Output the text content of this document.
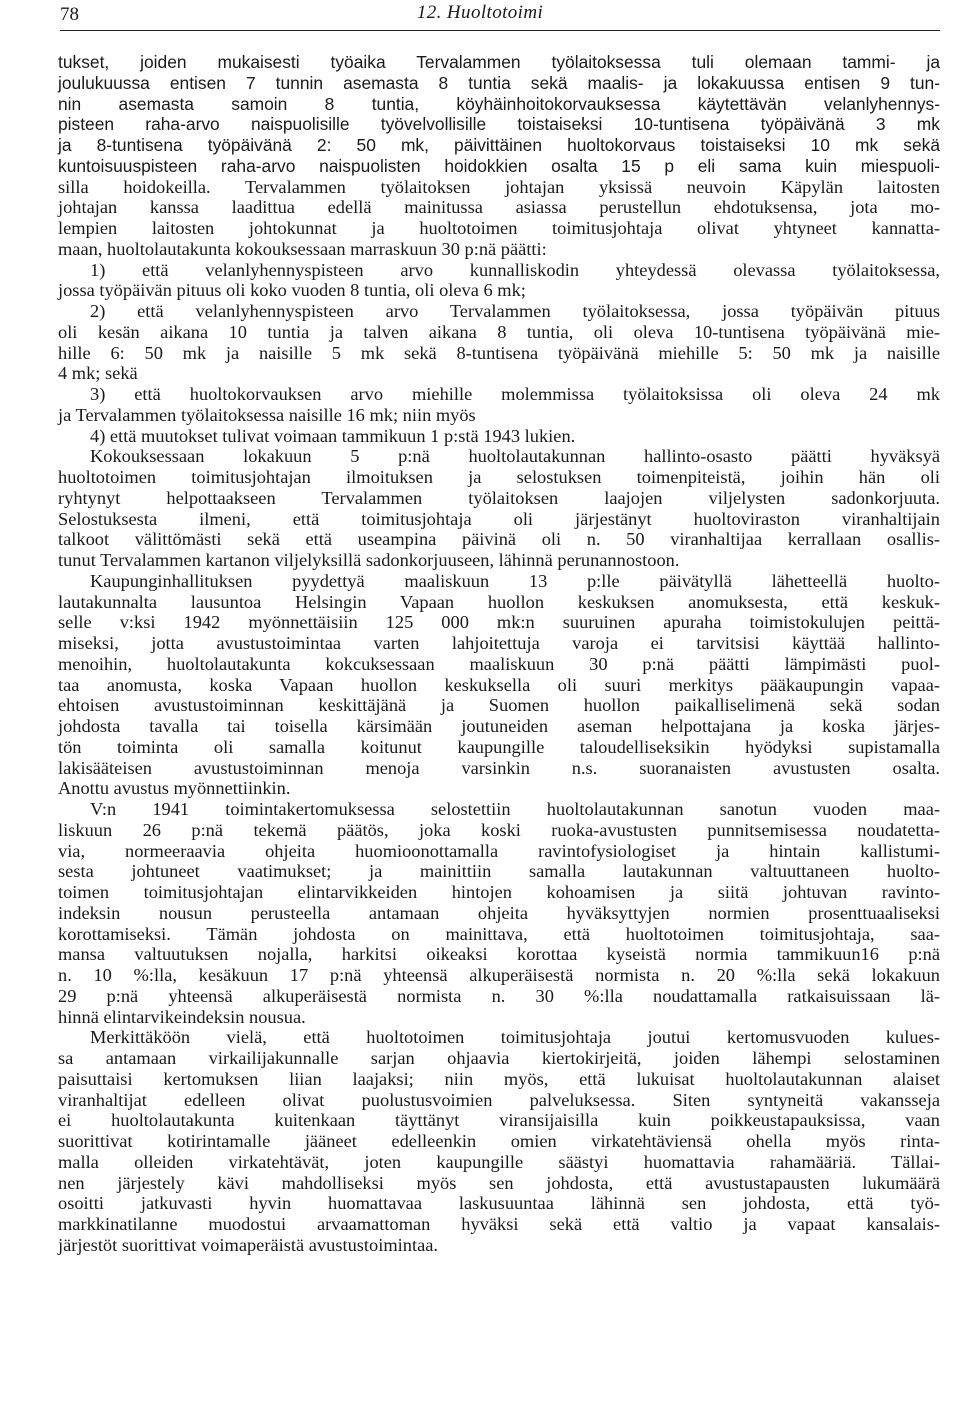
78	12. Huoltotoimi
tukset, joiden mukaisesti työaika Tervalammen työlaitoksessa tuli olemaan tammi- ja
joulukuussa entisen 7 tunnin asemasta 8 tuntia sekä maalis- ja lokakuussa entisen 9 tun-
nin asemasta samoin 8 tuntia, köyhäinhoitokorvauksessa käytettävän velanlyhennys-
pisteen raha-arvo naispuolisille työvelvollisille toistaiseksi 10-tuntisena työpäivänä 3 mk
ja 8-tuntisena työpäivänä 2: 50 mk, päivittäinen huoltokorvaus toistaiseksi 10 mk sekä
kuntoisuuspisteen raha-arvo naispuolisten hoidokkien osalta 15 p eli sama kuin miespuoli-
silla hoidokeilla. Tervalammen työlaitoksen johtajan yksissä neuvoin Käpylän laitosten
johtajan kanssa laadittua edellä mainitussa asiassa perustellun ehdotuksensa, jota mo-
lempien laitosten johtokunnat ja huoltotoimen toimitusjohtaja olivat yhtyneet kannatta-
maan, huoltolautakunta kokouksessaan marraskuun 30 p:nä päätti:
1) että velanlyhennyspisteen arvo kunnalliskodin yhteydessä olevassa työlaitoksessa,
jossa työpäivän pituus oli koko vuoden 8 tuntia, oli oleva 6 mk;
2) että velanlyhennyspisteen arvo Tervalammen työlaitoksessa, jossa työpäivän pituus
oli kesän aikana 10 tuntia ja talven aikana 8 tuntia, oli oleva 10-tuntisena työpäivänä mie-
hille 6: 50 mk ja naisille 5 mk sekä 8-tuntisena työpäivänä miehille 5: 50 mk ja naisille
4 mk; sekä
3) että huoltokorvauksen arvo miehille molemmissa työlaitoksissa oli oleva 24 mk
ja Tervalammen työlaitoksessa naisille 16 mk; niin myös
4) että muutokset tulivat voimaan tammikuun 1 p:stä 1943 lukien.
Kokouksessaan lokakuun 5 p:nä huoltolautakunnan hallinto-osasto päätti hyväksyä
huoltotoimen toimitusjohtajan ilmoituksen ja selostuksen toimenpiteistä, joihin hän oli
ryhtynyt helpottaakseen Tervalammen työlaitoksen laajojen viljelysten sadonkorjuuta.
Selostuksesta ilmeni, että toimitusjohtaja oli järjestänyt huoltoviraston viranhaltijain
talkoot välittömästi sekä että useampina päivinä oli n. 50 viranhaltijaa kerrallaan osallis-
tunut Tervalammen kartanon viljelyksillä sadonkorjuuseen, lähinnä perunannostoon.
Kaupunginhallituksen pyydettyä maaliskuun 13 p:lle päivätyllä lähetteellä huolto-
lautakunnalta lausuntoa Helsingin Vapaan huollon keskuksen anomuksesta, että keskuk-
selle v:ksi 1942 myönnettäisiin 125 000 mk:n suuruinen apuraha toimistokulujen peittä-
miseksi, jotta avustustoimintaa varten lahjoitettuja varoja ei tarvitsisi käyttää hallinto-
menoihin, huoltolautakunta kokcuksessaan maaliskuun 30 p:nä päätti lämpimästi puol-
taa anomusta, koska Vapaan huollon keskuksella oli suuri merkitys pääkaupungin vapaa-
ehtoisen avustustoiminnan keskittäjänä ja Suomen huollon paikalliselimenä sekä sodan
johdosta tavalla tai toisella kärsimään joutuneiden aseman helpottajana ja koska järjes-
tön toiminta oli samalla koitunut kaupungille taloudelliseksikin hyödyksi supistamalla
lakisääteisen avustustoiminnan menoja varsinkin n.s. suoranaisten avustusten osalta.
Anottu avustus myönnettiinkin.
V:n 1941 toimintakertomuksessa selostettiin huoltolautakunnan sanotun vuoden maa-
liskuun 26 p:nä tekemä päätös, joka koski ruoka-avustusten punnitsemisessa noudatetta-
via, normeeraavia ohjeita huomioonottamalla ravintofysiologiset ja hintain kallistumi-
sesta johtuneet vaatimukset; ja mainittiin samalla lautakunnan valtuuttaneen huolto-
toimen toimitusjohtajan elintarvikkeiden hintojen kohoamisen ja siitä johtuvan ravinto-
indeksin nousun perusteella antamaan ohjeita hyväksyttyjen normien prosenttuaaliseksi
korottamiseksi. Tämän johdosta on mainittava, että huoltotoimen toimitusjohtaja, saa-
mansa valtuutuksen nojalla, harkitsi oikeaksi korottaa kyseistä normia tammikuun16 p:nä
n. 10 %:lla, kesäkuun 17 p:nä yhteensä alkuperäisestä normista n. 20 %:lla sekä lokakuun
29 p:nä yhteensä alkuperäisestä normista n. 30 %:lla noudattamalla ratkaisuissaan lä-
hinnä elintarvikeindeksin nousua.
Merkittäköön vielä, että huoltotoimen toimitusjohtaja joutui kertomusvuoden kulues-
sa antamaan virkailijakunnalle sarjan ohjaavia kiertokirjeitä, joiden lähempi selostaminen
paisuttaisi kertomuksen liian laajaksi; niin myös, että lukuisat huoltolautakunnan alaiset
viranhaltijat edelleen olivat puolustusvoimien palveluksessa. Siten syntyneitä vakansseja
ei huoltolautakunta kuitenkaan täyttänyt viransijaisilla kuin poikkeustapauksissa, vaan
suorittivat kotirintamalle jääneet edelleenkin omien virkatehtäviensä ohella myös rinta-
malla olleiden virkatehtävät, joten kaupungille säästyi huomattavia rahamääriä. Tällai-
nen järjestely kävi mahdolliseksi myös sen johdosta, että avustustapausten lukumäärä
osoitti jatkuvasti hyvin huomattavaa laskusuuntaa lähinnä sen johdosta, että työ-
markkinatilanne muodostui arvaamattoman hyväksi sekä että valtio ja vapaat kansalais-
järjestöt suorittivat voimaperäistä avustustoimintaa.
